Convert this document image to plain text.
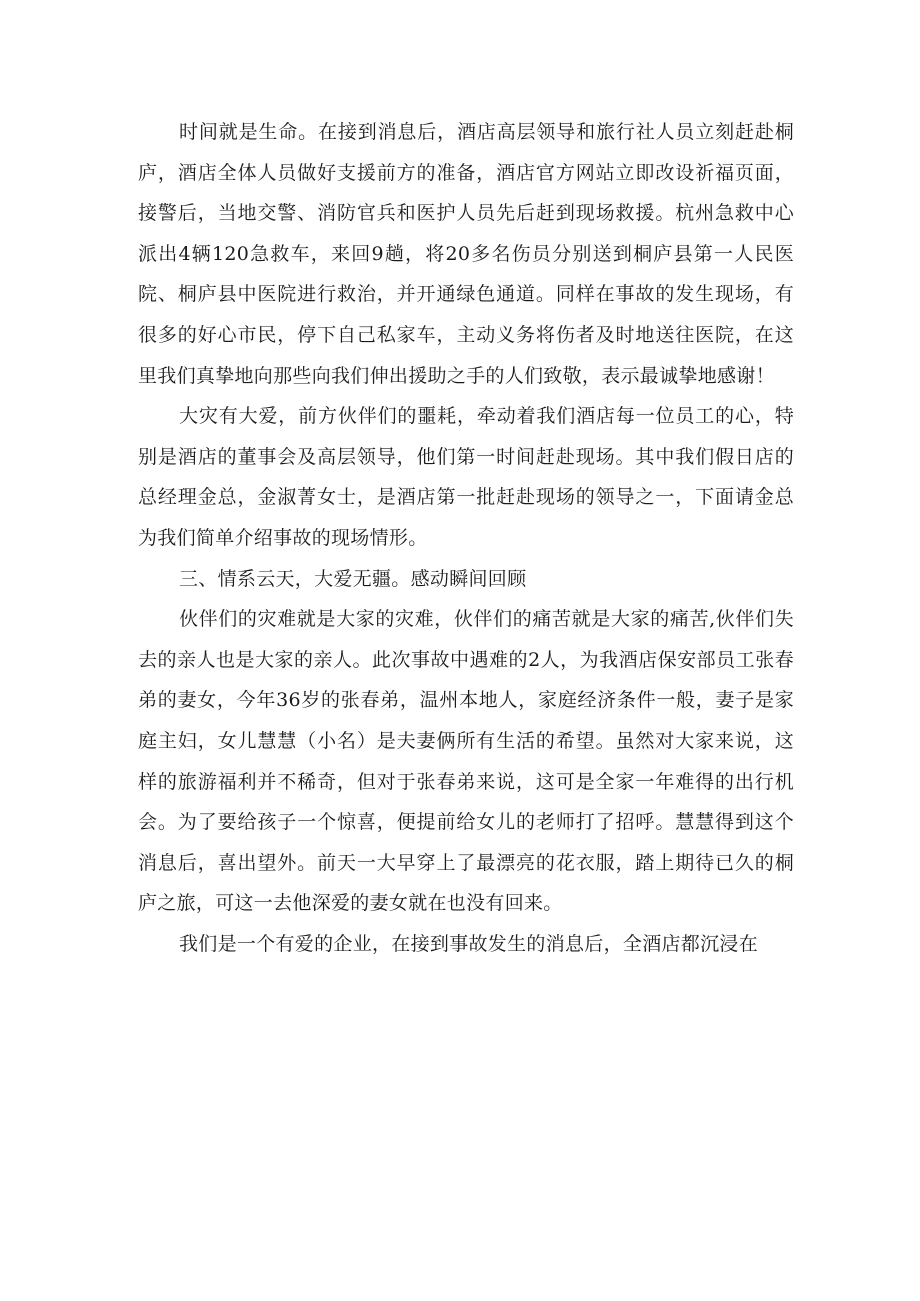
时间就是生命。在接到消息后，酒店高层领导和旅行社人员立刻赶赴桐庐，酒店全体人员做好支援前方的准备，酒店官方网站立即改设祈福页面，接警后，当地交警、消防官兵和医护人员先后赶到现场救援。杭州急救中心派出4辆120急救车，来回9趟，将20多名伤员分别送到桐庐县第一人民医院、桐庐县中医院进行救治，并开通绿色通道。同样在事故的发生现场，有很多的好心市民，停下自己私家车，主动义务将伤者及时地送往医院，在这里我们真挚地向那些向我们伸出援助之手的人们致敬，表示最诚挚地感谢！

大灾有大爱，前方伙伴们的噩耗，牵动着我们酒店每一位员工的心，特别是酒店的董事会及高层领导，他们第一时间赶赴现场。其中我们假日店的总经理金总，金淑菁女士，是酒店第一批赶赴现场的领导之一，下面请金总为我们简单介绍事故的现场情形。

三、情系云天，大爱无疆。感动瞬间回顾

伙伴们的灾难就是大家的灾难，伙伴们的痛苦就是大家的痛苦,伙伴们失去的亲人也是大家的亲人。此次事故中遇难的2人，为我酒店保安部员工张春弟的妻女，今年36岁的张春弟，温州本地人，家庭经济条件一般，妻子是家庭主妇，女儿慧慧（小名）是夫妻俩所有生活的希望。虽然对大家来说，这样的旅游福利并不稀奇，但对于张春弟来说，这可是全家一年难得的出行机会。为了要给孩子一个惊喜，便提前给女儿的老师打了招呼。慧慧得到这个消息后，喜出望外。前天一大早穿上了最漂亮的花衣服，踏上期待已久的桐庐之旅，可这一去他深爱的妻女就在也没有回来。

我们是一个有爱的企业，在接到事故发生的消息后，全酒店都沉浸在
